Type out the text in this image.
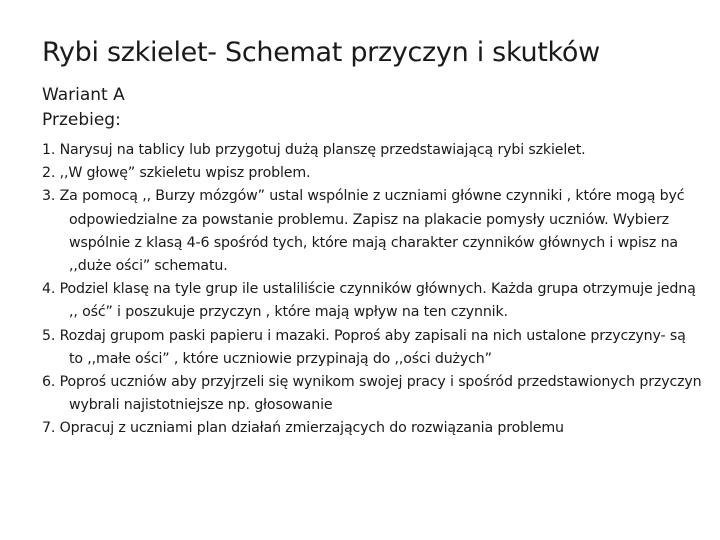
Rybi szkielet- Schemat przyczyn i skutków

Wariant A

Przebieg:

1. Narysuj na tablicy lub przygotuj dużą planszę przedstawiającą rybi szkielet.
2. ,,W głowę” szkieletu wpisz problem.
3. Za pomocą ,, Burzy mózgów” ustal wspólnie z uczniami główne czynniki , które mogą być odpowiedzialne za powstanie problemu. Zapisz na plakacie pomysły uczniów. Wybierz wspólnie z klasą 4-6 spośród tych, które mają charakter czynników głównych i wpisz na ,,duże ości” schematu.
4. Podziel klasę na tyle grup ile ustaliliście czynników głównych. Każda grupa otrzymuje jedną ,, ość” i poszukuje przyczyn , które mają wpływ na ten czynnik.
5. Rozdaj grupom paski papieru i mazaki. Poproś aby zapisali na nich ustalone przyczyny- są to ,,małe ości” , które uczniowie przypinają do ,,ości dużych”
6. Poproś uczniów aby przyjrzeli się wynikom swojej pracy i spośród przedstawionych przyczyn wybrali najistotniejsze np. głosowanie
7. Opracuj z uczniami plan działań zmierzających do rozwiązania problemu
